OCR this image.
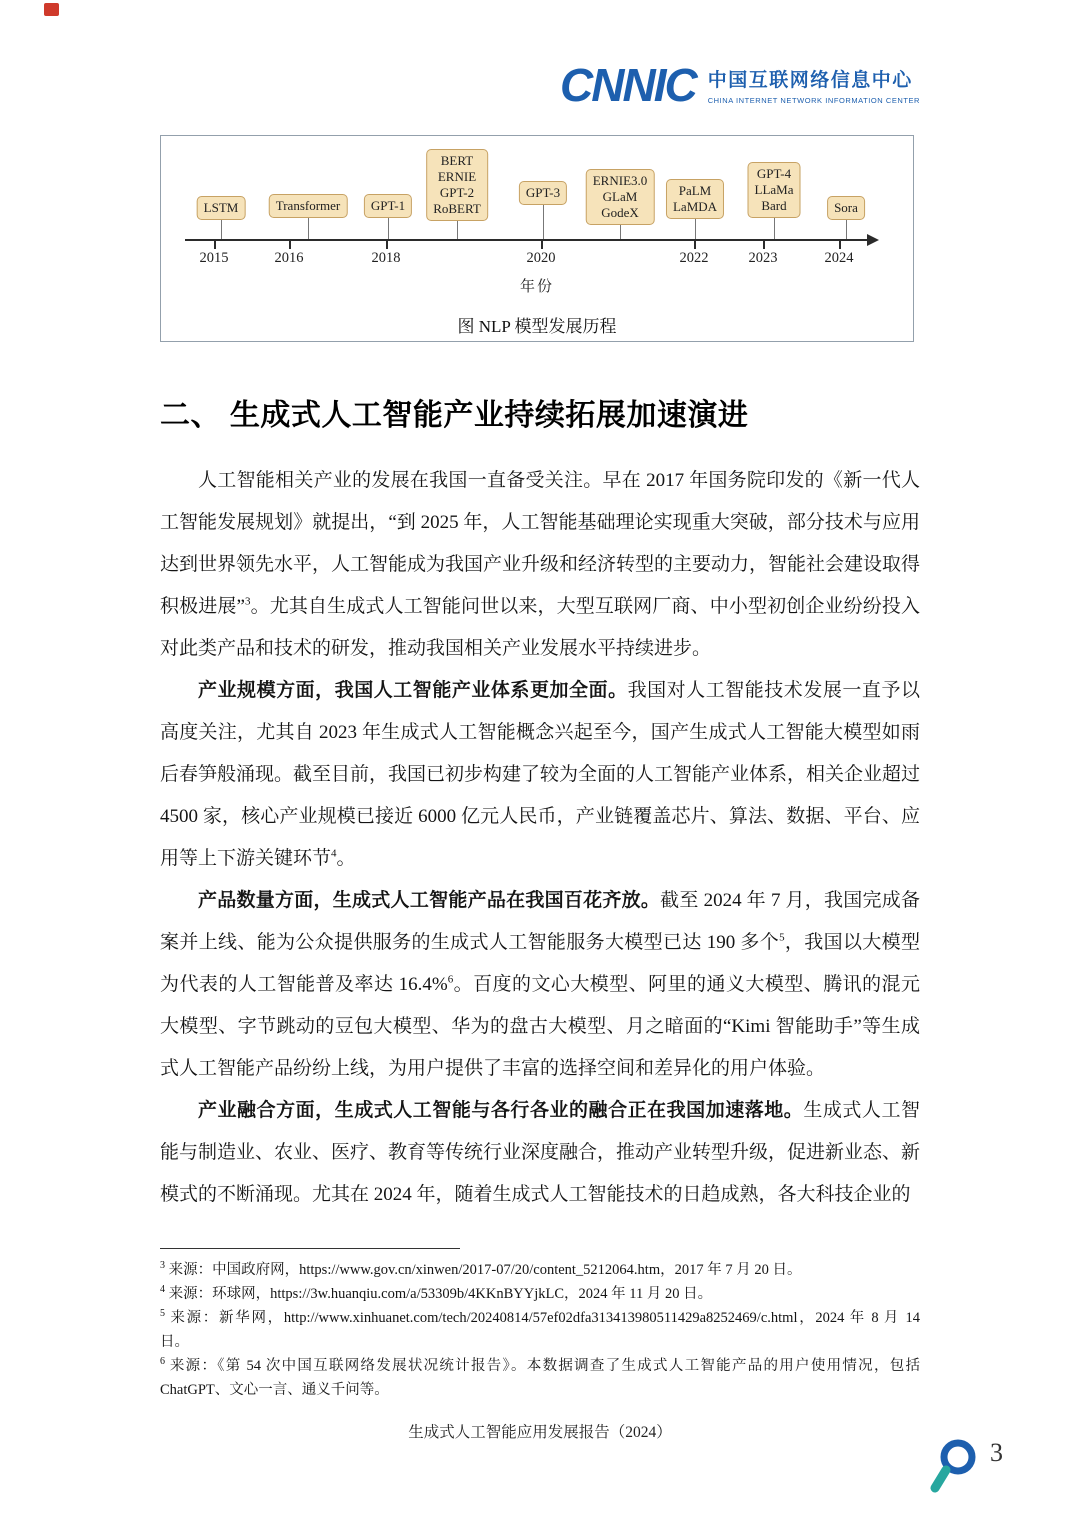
CNNIC 中国互联网络信息中心
CHINA INTERNET NETWORK INFORMATION CENTER
LSTM	Transformer GPT-1
BERT
ERNIE
GPT-2
RoBERT
GPT-3
ERNIE3.0
GLaM
GodeX
PaLM
LaMDA
GPT-4
LLaMa
Bard	Sora
2015	2016	2018	2020	2022	2023	2024
年份
图 NLP 模型发展历程
二、 生成式人工智能产业持续拓展加速演进

人工智能相关产业的发展在我国一直备受关注。早在 2017 年国务院印发的《新一代人工智能发展规划》就提出，“到 2025 年，人工智能基础理论实现重大突破，部分技术与应用达到世界领先水平，人工智能成为我国产业升级和经济转型的主要动力，智能社会建设取得积极进展”$^3$。尤其自生成式人工智能问世以来，大型互联网厂商、中小型初创企业纷纷投入对此类产品和技术的研发，推动我国相关产业发展水平持续进步。

产业规模方面，我国人工智能产业体系更加全面。我国对人工智能技术发展一直予以高度关注，尤其自 2023 年生成式人工智能概念兴起至今，国产生成式人工智能大模型如雨后春笋般涌现。截至目前，我国已初步构建了较为全面的人工智能产业体系，相关企业超过 4500 家，核心产业规模已接近 6000 亿元人民币，产业链覆盖芯片、算法、数据、平台、应用等上下游关键环节$^4$。

产品数量方面，生成式人工智能产品在我国百花齐放。截至 2024 年 7 月，我国完成备案并上线、能为公众提供服务的生成式人工智能服务大模型已达 190 多个$^5$，我国以大模型为代表的人工智能普及率达 16.4%$^6$。百度的文心大模型、阿里的通义大模型、腾讯的混元大模型、字节跳动的豆包大模型、华为的盘古大模型、月之暗面的“Kimi 智能助手”等生成式人工智能产品纷纷上线，为用户提供了丰富的选择空间和差异化的用户体验。

产业融合方面，生成式人工智能与各行各业的融合正在我国加速落地。生成式人工智能与制造业、农业、医疗、教育等传统行业深度融合，推动产业转型升级，促进新业态、新模式的不断涌现。尤其在 2024 年，随着生成式人工智能技术的日趋成熟，各大科技企业的

$^3$ 来源：中国政府网，https://www.gov.cn/xinwen/2017-07/20/content_5212064.htm，2017 年 7 月 20 日。

$^4$ 来源：环球网，https://3w.huanqiu.com/a/53309b/4KKnBYYjkLC，2024 年 11 月 20 日。

$^5$ 来源：新华网，http://www.xinhuanet.com/tech/20240814/57ef02dfa313413980511429a8252469/c.html，2024 年 8 月 14 日。

$^6$ 来源：《第 54 次中国互联网络发展状况统计报告》。本数据调查了生成式人工智能产品的用户使用情况，包括 ChatGPT、文心一言、通义千问等。

生成式人工智能应用发展报告（2024）
3
